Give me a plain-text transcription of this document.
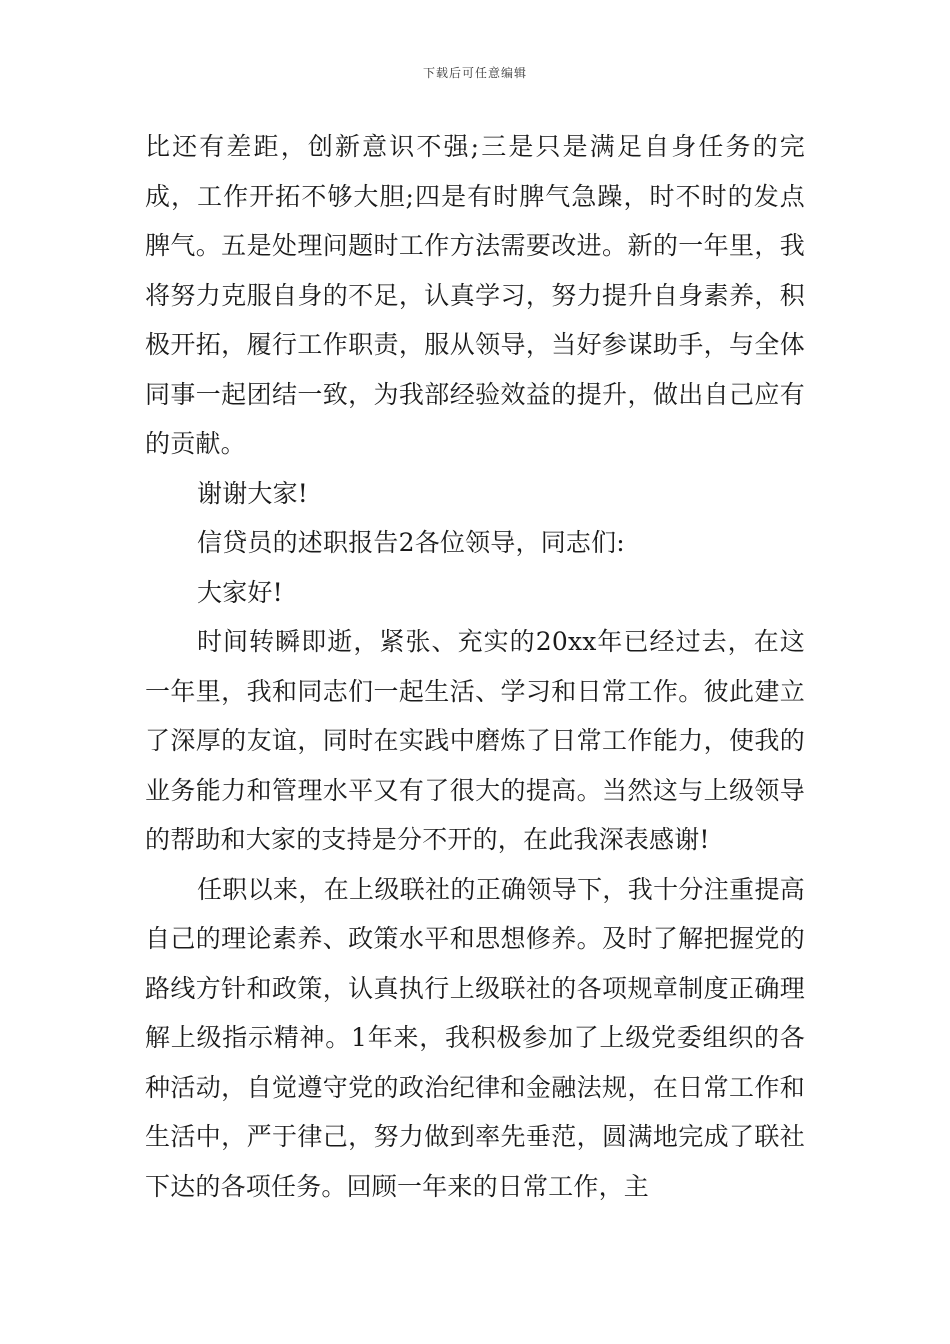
下载后可任意编辑

比还有差距，创新意识不强;三是只是满足自身任务的完成，工作开拓不够大胆;四是有时脾气急躁，时不时的发点脾气。五是处理问题时工作方法需要改进。新的一年里，我将努力克服自身的不足，认真学习，努力提升自身素养，积极开拓，履行工作职责，服从领导，当好参谋助手，与全体同事一起团结一致，为我部经验效益的提升，做出自己应有的贡献。

谢谢大家!

信贷员的述职报告2各位领导，同志们:

大家好!

时间转瞬即逝，紧张、充实的20xx年已经过去，在这一年里，我和同志们一起生活、学习和日常工作。彼此建立了深厚的友谊，同时在实践中磨炼了日常工作能力，使我的业务能力和管理水平又有了很大的提高。当然这与上级领导的帮助和大家的支持是分不开的，在此我深表感谢!

任职以来，在上级联社的正确领导下，我十分注重提高自己的理论素养、政策水平和思想修养。及时了解把握党的路线方针和政策，认真执行上级联社的各项规章制度正确理解上级指示精神。1年来，我积极参加了上级党委组织的各种活动，自觉遵守党的政治纪律和金融法规，在日常工作和生活中，严于律己，努力做到率先垂范，圆满地完成了联社下达的各项任务。回顾一年来的日常工作，主
